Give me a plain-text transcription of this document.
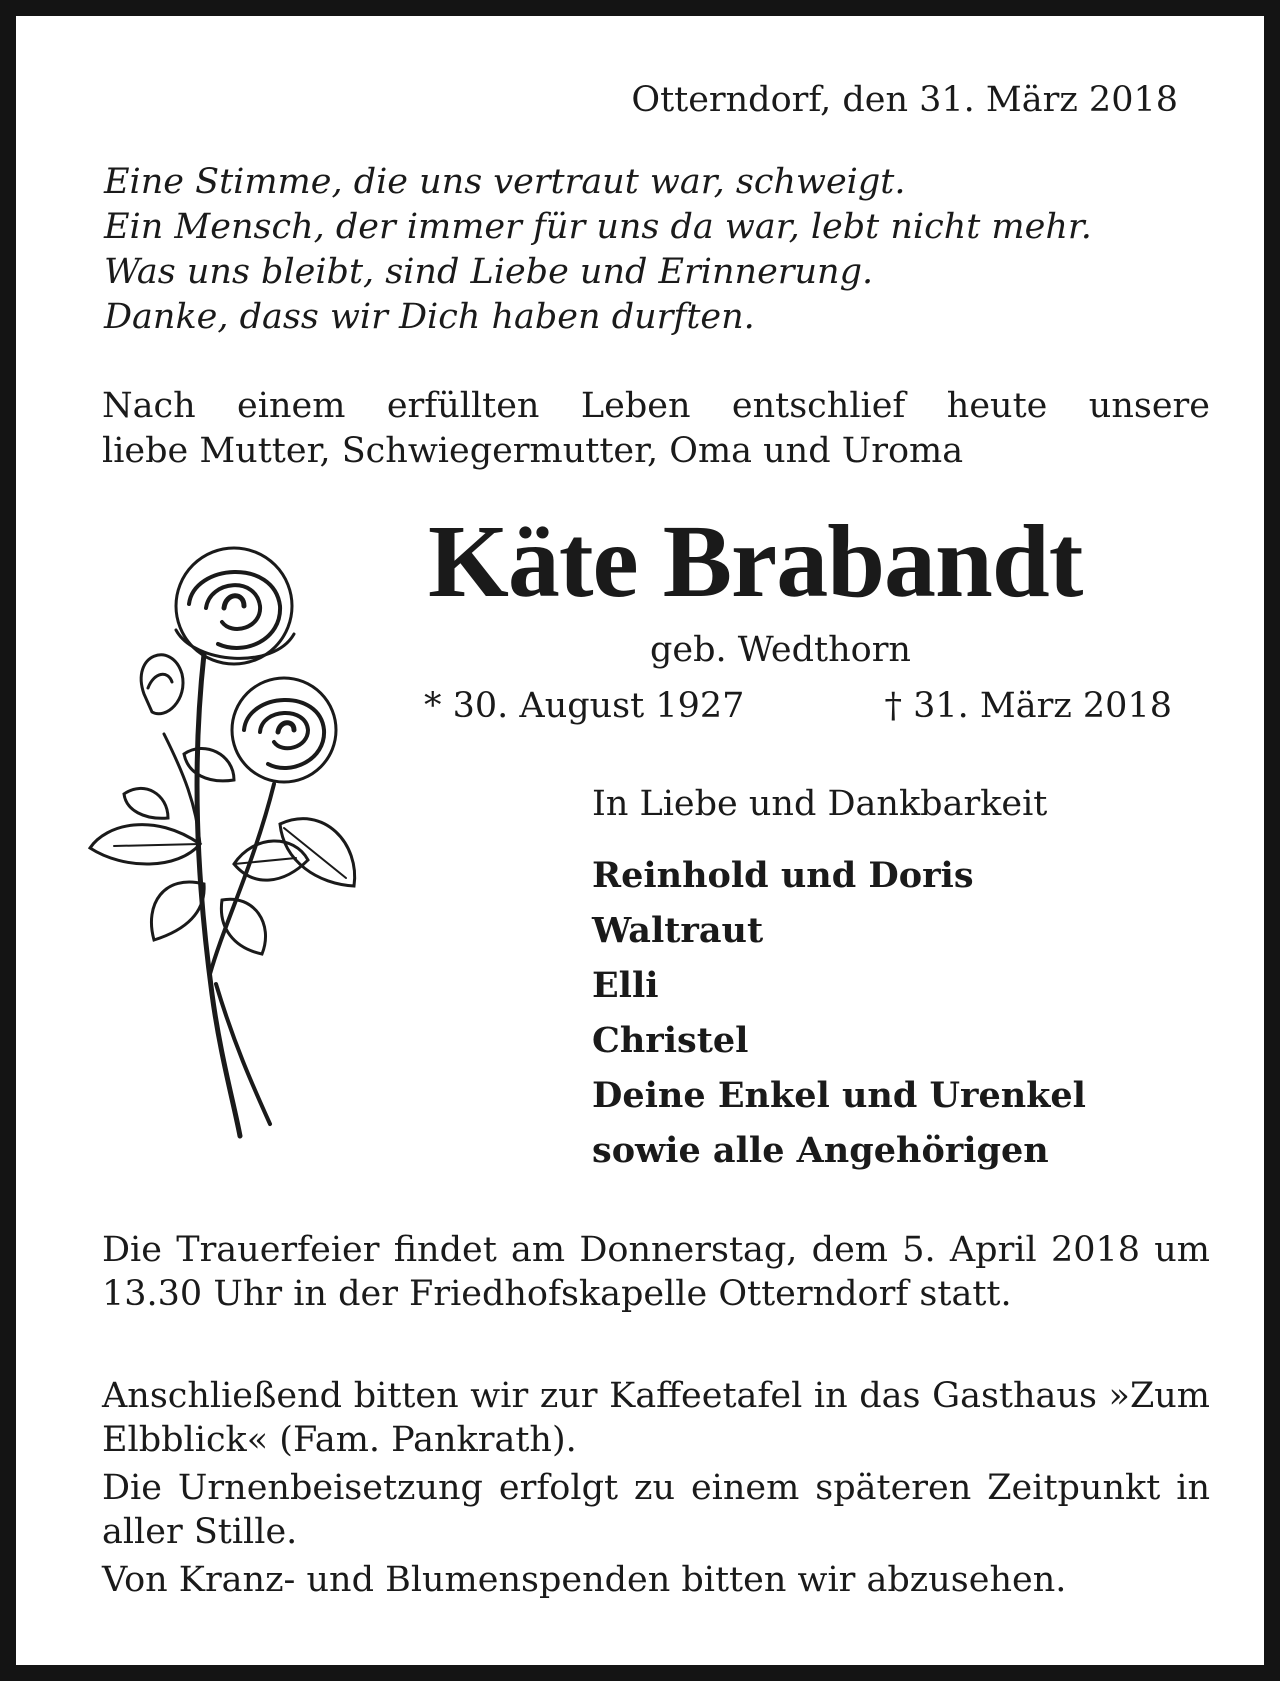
Otterndorf, den 31. März 2018

Eine Stimme, die uns vertraut war, schweigt.
Ein Mensch, der immer für uns da war, lebt nicht mehr.
Was uns bleibt, sind Liebe und Erinnerung.
Danke, dass wir Dich haben durften.
Nach einem erfüllten Leben entschlief heute unsere
liebe Mutter, Schwiegermutter, Oma und Uroma

Käte Brabandt

geb. Wedthorn

* 30. August 1927	† 31. März 2018

In Liebe und Dankbarkeit

Reinhold und Doris
Waltraut
Elli
Christel
Deine Enkel und Urenkel
sowie alle Angehörigen

Die Trauerfeier findet am Donnerstag, dem 5. April 2018 um 13.30 Uhr in der Friedhofskapelle Otterndorf statt.

Anschließend bitten wir zur Kaffeetafel in das Gasthaus »Zum Elbblick« (Fam. Pankrath).

Die Urnenbeisetzung erfolgt zu einem späteren Zeitpunkt in aller Stille.

Von Kranz- und Blumenspenden bitten wir abzusehen.
